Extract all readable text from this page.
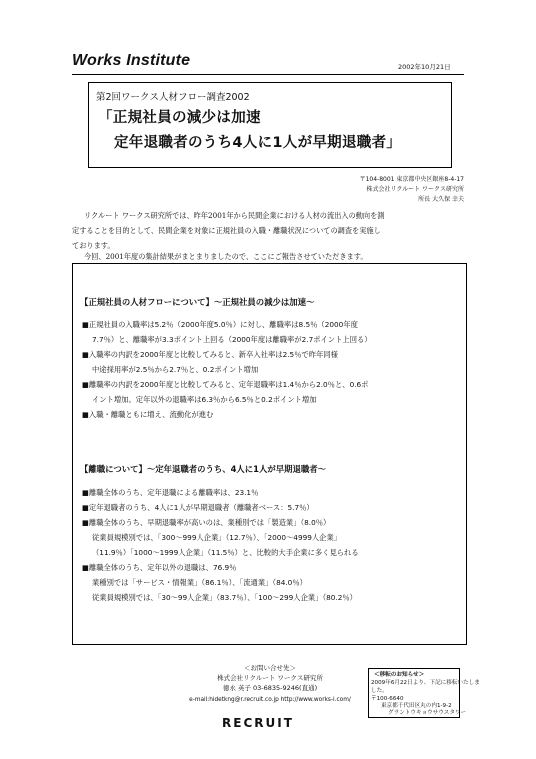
Works Institute	2002年10月21日
第2回ワークス人材フロー調査2002
「正規社員の減少は加速
定年退職者のうち4人に1人が早期退職者」
〒104-8001 東京都中央区銀座8-4-17
株式会社リクルート ワークス研究所
所長 大久保 幸夫
リクルート ワークス研究所では、昨年2001年から民間企業における人材の流出入の動向を測
定することを目的として、民間企業を対象に正規社員の入職・離職状況についての調査を実施し
ております。
今回、2001年度の集計結果がまとまりましたので、ここにご報告させていただきます。
【正規社員の人材フローについて】～正規社員の減少は加速～
■正規社員の入職率は5.2％（2000年度5.0％）に対し、離職率は8.5％（2000年度
7.7％）と、離職率が3.3ポイント上回る（2000年度は離職率が2.7ポイント上回る）
■入職率の内訳を2000年度と比較してみると、新卒入社率は2.5％で昨年同様
中途採用率が2.5％から2.7％と、0.2ポイント増加
■離職率の内訳を2000年度と比較してみると、定年退職率は1.4％から2.0％と、0.6ポ
イント増加。定年以外の退職率は6.3％から6.5％と0.2ポイント増加
■入職・離職ともに増え、流動化が進む
【離職について】～定年退職者のうち、4人に1人が早期退職者～
■離職全体のうち、定年退職による離職率は、23.1％
■定年退職者のうち、4人に1人が早期退職者（離職者ベース：5.7％）
■離職全体のうち、早期退職率が高いのは、業種別では「製造業」（8.0％）
従業員規模別では、「300～999人企業」（12.7％）、「2000～4999人企業」
（11.9％）「1000～1999人企業」（11.5％）と、比較的大手企業に多く見られる
■離職全体のうち、定年以外の退職は、76.9％
業種別では「サービス・情報業」（86.1％）、「流通業」（84.0％）
従業員規模別では、「30～99人企業」（83.7％）、「100～299人企業」（80.2％）
＜お問い合せ先＞
株式会社リクルート ワークス研究所
徳永 英子 03-6835-9246(直通)
e-mail:hidetkng@r.recruit.co.jp http://www.works-i.com/
＜移転のお知らせ＞
2009年6月22日より、下記に移転いたしま
した。
〒100-6640
東京都千代田区丸の内1-9-2
グラントウキョウサウスタワー
RECRUIT
